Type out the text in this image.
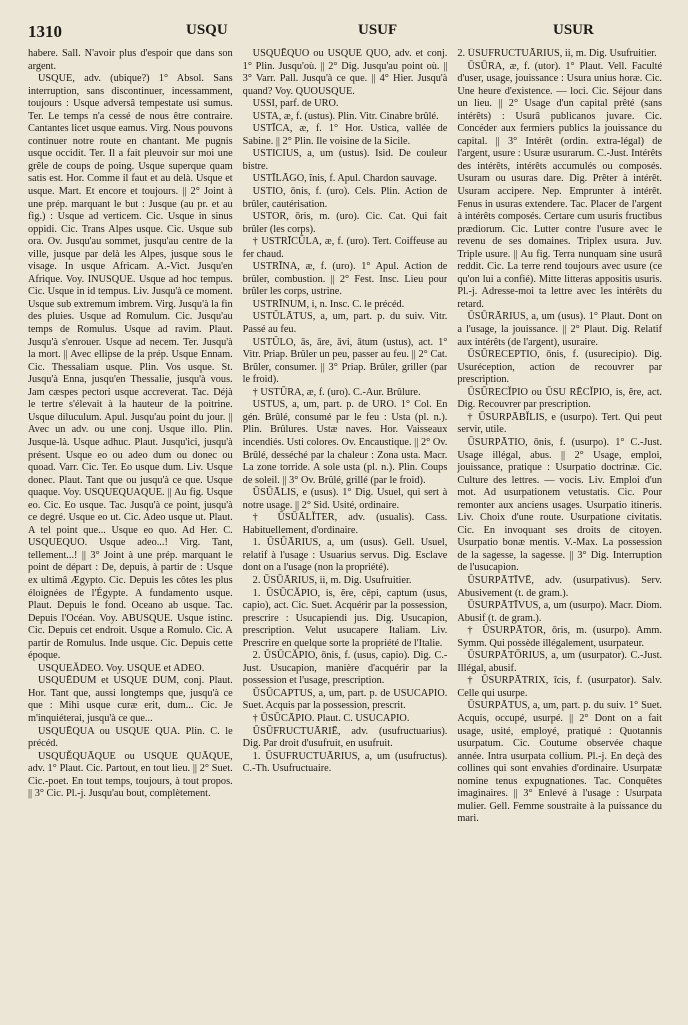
1310	USQU	USUF	USUR

habere. Sall. N'avoir plus d'espoir que dans son argent.

USQUE, adv. (ubique?) 1° Absol. Sans interruption, sans discontinuer, incessamment, toujours : Usque adversâ tempestate usi sumus. Ter. Le temps n'a cessé de nous être contraire. Cantantes licet usque eamus. Virg. Nous pouvons continuer notre route en chantant. Me pugnis usque occidit. Ter. Il a fait pleuvoir sur moi une grêle de coups de poing. Usque superque quam satis est. Hor. Comme il faut et au delà. Usque et usque. Mart. Et encore et toujours. || 2° Joint à une prép. marquant le but : Jusque (au pr. et au fig.) : Usque ad verticem. Cic. Usque in sinus oppidi. Cic. Trans Alpes usque. Cic. Usque sub ora. Ov. Jusqu'au sommet, jusqu'au centre de la ville, jusque par delà les Alpes, jusque sous le visage. In usque Africam. A.-Vict. Jusqu'en Afrique. Voy. INUSQUE. Usque ad hoc tempus. Cic. Usque in id tempus. Liv. Jusqu'à ce moment. Usque sub extremum imbrem. Virg. Jusqu'à la fin des pluies. Usque ad Romulum. Cic. Jusqu'au temps de Romulus. Usque ad ravim. Plaut. Jusqu'à s'enrouer. Usque ad necem. Ter. Jusqu'à la mort. || Avec ellipse de la prép. Usque Ennam. Cic. Thessaliam usque. Plin. Vos usque. St. Jusqu'à Enna, jusqu'en Thessalie, jusqu'à vous. Jam cæspes pectori usque accreverat. Tac. Déjà le tertre s'élevait à la hauteur de la poitrine. Usque diluculum. Apul. Jusqu'au point du jour. || Avec un adv. ou une conj. Usque illo. Plin. Jusque-là. Usque adhuc. Plaut. Jusqu'ici, jusqu'à présent. Usque eo ou adeo dum ou donec ou quoad. Varr. Cic. Ter. Eo usque dum. Liv. Usque donec. Plaut. Tant que ou jusqu'à ce que. Usque quaque. Voy. USQUEQUAQUE. || Au fig. Usque eo. Cic. Eo usque. Tac. Jusqu'à ce point, jusqu'à ce degré. Usque eo ut. Cic. Adeo usque ut. Plaut. A tel point que... Usque eo quo. Ad Her. C. USQUEQUO. Usque adeo...! Virg. Tant, tellement...! || 3° Joint à une prép. marquant le point de départ : De, depuis, à partir de : Usque ex ultimâ Ægypto. Cic. Depuis les côtes les plus éloignées de l'Égypte. A fundamento usque. Plaut. Depuis le fond. Oceano ab usque. Tac. Depuis l'Océan. Voy. ABUSQUE. Usque istinc. Cic. Depuis cet endroit. Usque a Romulo. Cic. A partir de Romulus. Inde usque. Cic. Depuis cette époque.

USQUEĂDEO. Voy. USQUE et ADEO.

USQUĒDUM et USQUE DUM, conj. Plaut. Hor. Tant que, aussi longtemps que, jusqu'à ce que : Mihi usque curæ erit, dum... Cic. Je m'inquiéterai, jusqu'à ce que...

USQUĒQUA ou USQUE QUA. Plin. C. le précéd.

USQUĔQUĀQUE ou USQUE QUĀQUE, adv. 1° Plaut. Cic. Partout, en tout lieu. || 2° Suet. Cic.-poet. En tout temps, toujours, à tout propos. || 3° Cic. Pl.-j. Jusqu'au bout, complètement.

USQUĒQUO ou USQUE QUO, adv. et conj. 1° Plin. Jusqu'où. || 2° Dig. Jusqu'au point où. || 3° Varr. Pall. Jusqu'à ce que. || 4° Hier. Jusqu'à quand? Voy. QUOUSQUE.

USSI, parf. de URO.

USTA, æ, f. (ustus). Plin. Vitr. Cinabre brûlé.

USTĪCA, æ, f. 1° Hor. Ustica, vallée de Sabine. || 2° Plin. Ile voisine de la Sicile.

USTICIUS, a, um (ustus). Isid. De couleur bistre.

USTĪLĀGO, ĭnis, f. Apul. Chardon sauvage.

USTIO, ōnis, f. (uro). Cels. Plin. Action de brûler, cautérisation.

USTOR, ōris, m. (uro). Cic. Cat. Qui fait brûler (les corps).

† USTRĪCŬLA, æ, f. (uro). Tert. Coiffeuse au fer chaud.

USTRĪNA, æ, f. (uro). 1° Apul. Action de brûler, combustion. || 2° Fest. Insc. Lieu pour brûler les corps, ustrine.

USTRĪNUM, i, n. Insc. C. le précéd.

USTŬLĀTUS, a, um, part. p. du suiv. Vitr. Passé au feu.

USTŬLO, ās, āre, āvi, ātum (ustus), act. 1° Vitr. Priap. Brûler un peu, passer au feu. || 2° Cat. Brûler, consumer. || 3° Priap. Brûler, griller (par le froid).

† USTŪRA, æ, f. (uro). C.-Aur. Brûlure.

USTUS, a, um, part. p. de URO. 1° Col. En gén. Brûlé, consumé par le feu : Usta (pl. n.). Plin. Brûlures. Ustæ naves. Hor. Vaisseaux incendiés. Usti colores. Ov. Encaustique. || 2° Ov. Brûlé, desséché par la chaleur : Zona usta. Macr. La zone torride. A sole usta (pl. n.). Plin. Coups de soleil. || 3° Ov. Brûlé, grillé (par le froid).

ŪSŪĀLIS, e (usus). 1° Dig. Usuel, qui sert à notre usage. || 2° Sid. Usité, ordinaire.

† ŪSŪĀLĬTER, adv. (usualis). Cass. Habituellement, d'ordinaire.

1. ŪSŪĀRIUS, a, um (usus). Gell. Usuel, relatif à l'usage : Usuarius servus. Dig. Esclave dont on a l'usage (non la propriété).

2. ŪSŪĀRIUS, ii, m. Dig. Usufruitier.

1. ŪSŪCĂPIO, is, ĕre, cēpi, captum (usus, capio), act. Cic. Suet. Acquérir par la possession, prescrire : Usucapiendi jus. Dig. Usucapion, prescription. Velut usucapere Italiam. Liv. Prescrire en quelque sorte la propriété de l'Italie.

2. ŪSŪCĂPIO, ōnis, f. (usus, capio). Dig. C.-Just. Usucapion, manière d'acquérir par la possession et l'usage, prescription.

ŪSŪCAPTUS, a, um, part. p. de USUCAPIO. Suet. Acquis par la possession, prescrit.

† ŪSŪCĀPIO. Plaut. C. USUCAPIO.

ŪSŪFRUCTUĀRIĒ, adv. (usufructuarius). Dig. Par droit d'usufruit, en usufruit.

1. ŪSUFRUCTUĀRIUS, a, um (usufructus). C.-Th. Usufructuaire.

2. ŪSUFRUCTUĀRIUS, ii, m. Dig. Usufruitier.

ŪSŪRA, æ, f. (utor). 1° Plaut. Vell. Faculté d'user, usage, jouissance : Usura unius horæ. Cic. Une heure d'existence. — loci. Cic. Séjour dans un lieu. || 2° Usage d'un capital prêté (sans intérêts) : Usurâ publicanos juvare. Cic. Concéder aux fermiers publics la jouissance du capital. || 3° Intérêt (ordin. extra-légal) de l'argent, usure : Usuræ usurarum. C.-Just. Intérêts des intérêts, intérêts accumulés ou composés. Usuram ou usuras dare. Dig. Prêter à intérêt. Usuram accipere. Nep. Emprunter à intérêt. Fenus in usuras extendere. Tac. Placer de l'argent à intérêts composés. Certare cum usuris fructibus prædiorum. Cic. Lutter contre l'usure avec le revenu de ses domaines. Triplex usura. Juv. Triple usure. || Au fig. Terra nunquam sine usurâ reddit. Cic. La terre rend toujours avec usure (ce qu'on lui a confié). Mitte litteras appositis usuris. Pl.-j. Adresse-moi ta lettre avec les intérêts du retard.

ŪSŪRĀRIUS, a, um (usus). 1° Plaut. Dont on a l'usage, la jouissance. || 2° Plaut. Dig. Relatif aux intérêts (de l'argent), usuraire.

ŪSŪRECEPTIO, ōnis, f. (usurecipio). Dig. Usuréception, action de recouvrer par prescription.

ŪSŪRECĬPIO ou ŪSU RĒCĬPIO, is, ĕre, act. Dig. Recouvrer par prescription.

† ŪSURPĀBĬLIS, e (usurpo). Tert. Qui peut servir, utile.

ŪSURPĀTIO, ōnis, f. (usurpo). 1° C.-Just. Usage illégal, abus. || 2° Usage, emploi, jouissance, pratique : Usurpatio doctrinæ. Cic. Culture des lettres. — vocis. Liv. Emploi d'un mot. Ad usurpationem vetustatis. Cic. Pour remonter aux anciens usages. Usurpatio itineris. Liv. Choix d'une route. Usurpatione civitatis. Cic. En invoquant ses droits de citoyen. Usurpatio bonæ mentis. V.-Max. La possession de la sagesse, la sagesse. || 3° Dig. Interruption de l'usucapion.

ŪSURPĀTĪVĒ, adv. (usurpativus). Serv. Abusivement (t. de gram.).

ŪSURPĀTĪVUS, a, um (usurpo). Macr. Diom. Abusif (t. de gram.).

† ŪSURPĀTOR, ōris, m. (usurpo). Amm. Symm. Qui possède illégalement, usurpateur.

ŪSURPĀTŌRIUS, a, um (usurpator). C.-Just. Illégal, abusif.

† ŪSURPĀTRIX, īcis, f. (usurpator). Salv. Celle qui usurpe.

ŪSURPĀTUS, a, um, part. p. du suiv. 1° Suet. Acquis, occupé, usurpé. || 2° Dont on a fait usage, usité, employé, pratiqué : Quotannis usurpatum. Cic. Coutume observée chaque année. Intra usurpata collium. Pl.-j. En deçà des collines qui sont envahies d'ordinaire. Usurpatæ nomine tenus expugnationes. Tac. Conquêtes imaginaires. || 3° Enlevé à l'usage : Usurpata mulier. Gell. Femme soustraite à la puissance du mari.
